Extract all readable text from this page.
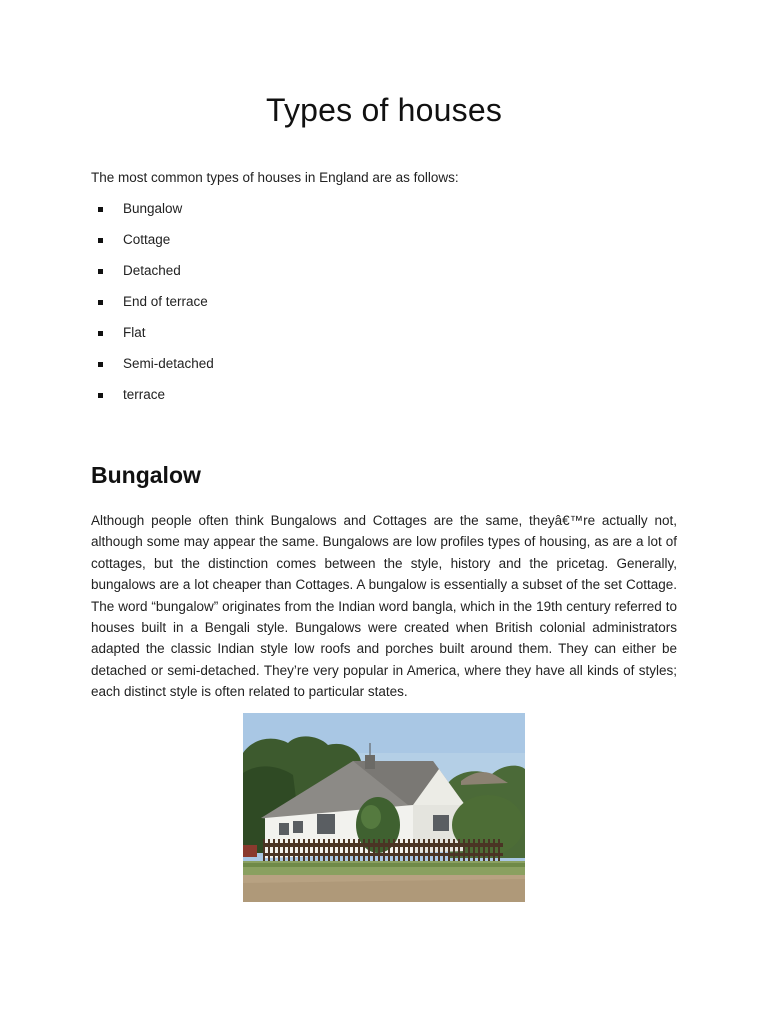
Types of houses

The most common types of houses in England are as follows:

Bungalow
Cottage
Detached
End of terrace
Flat
Semi-detached
terrace
Bungalow

Although people often think Bungalows and Cottages are the same, theyâ€™re actually not, although some may appear the same. Bungalows are low profiles types of housing, as are a lot of cottages, but the distinction comes between the style, history and the pricetag. Generally, bungalows are a lot cheaper than Cottages. A bungalow is essentially a subset of the set Cottage. The word “bungalow” originates from the Indian word bangla, which in the 19th century referred to houses built in a Bengali style. Bungalows were created when British colonial administrators adapted the classic Indian style low roofs and porches built around them. They can either be detached or semi-detached. They’re very popular in America, where they have all kinds of styles; each distinct style is often related to particular states.
